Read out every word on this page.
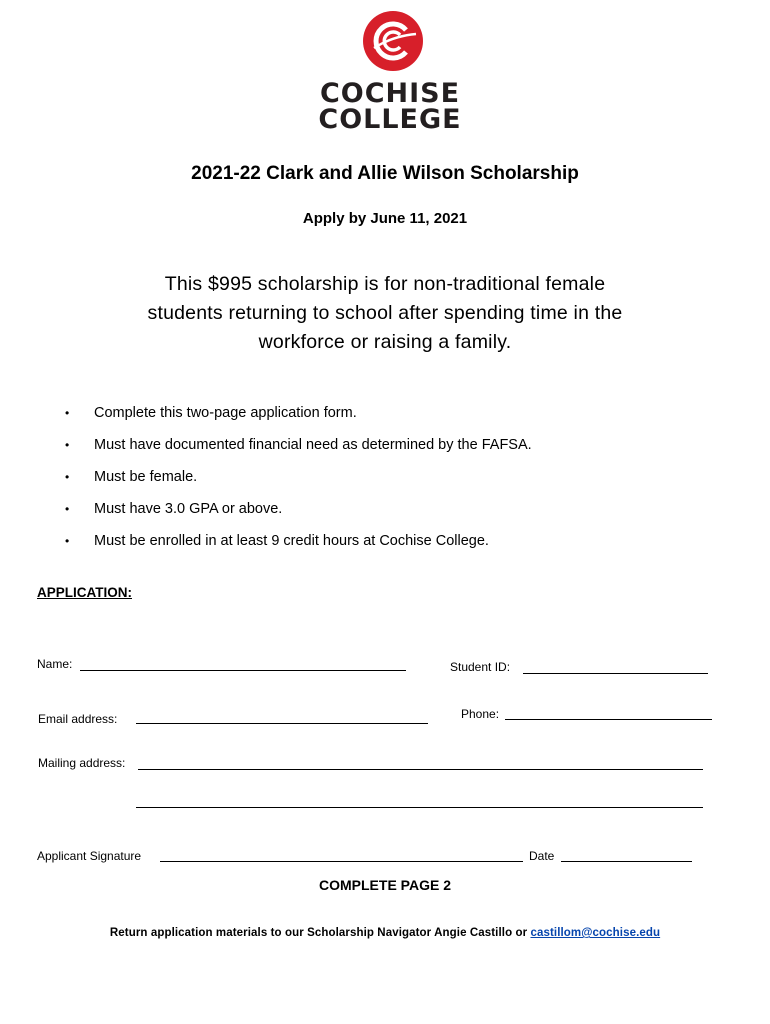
COCHISE
COLLEGE
2021-22 Clark and Allie Wilson Scholarship
Apply by June 11, 2021
This $995 scholarship is for non-traditional female students returning to school after spending time in the workforce or raising a family.
• Complete this two-page application form.
• Must have documented financial need as determined by the FAFSA.
• Must be female.
• Must have 3.0 GPA or above.
• Must be enrolled in at least 9 credit hours at Cochise College.
APPLICATION:
Name:	Student ID:
Email address:	Phone:
Mailing address:
Applicant Signature	Date
COMPLETE PAGE 2
Return application materials to our Scholarship Navigator Angie Castillo or castillom@cochise.edu
